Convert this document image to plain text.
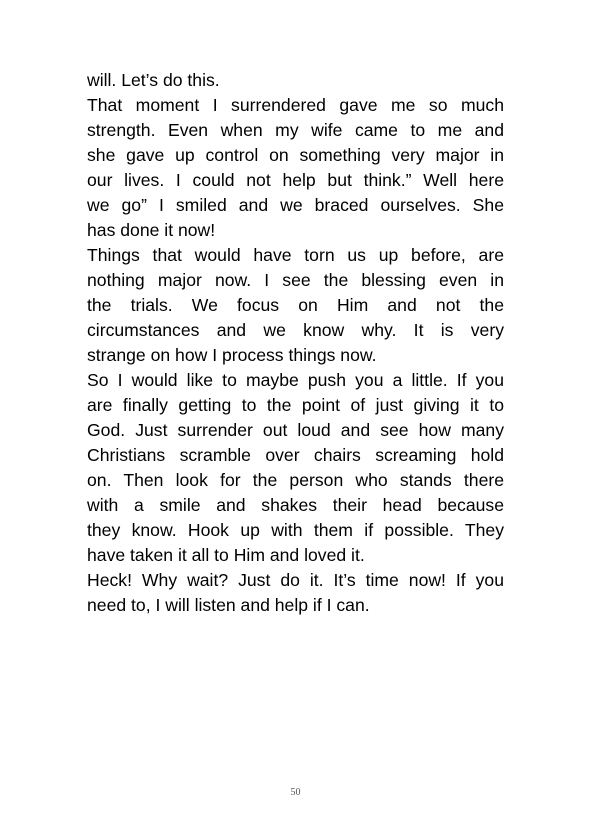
will. Let’s do this.
That moment I surrendered gave me so much
strength. Even when my wife came to me and
she gave up control on something very major in
our lives. I could not help but think.” Well here
we go” I smiled and we braced ourselves. She
has done it now!
Things that would have torn us up before, are
nothing major now. I see the blessing even in
the trials. We focus on Him and not the
circumstances and we know why. It is very
strange on how I process things now.
So I would like to maybe push you a little. If you
are finally getting to the point of just giving it to
God. Just surrender out loud and see how many
Christians scramble over chairs screaming hold
on. Then look for the person who stands there
with a smile and shakes their head because
they know. Hook up with them if possible. They
have taken it all to Him and loved it.
Heck! Why wait? Just do it. It’s time now! If you
need to, I will listen and help if I can.
50
